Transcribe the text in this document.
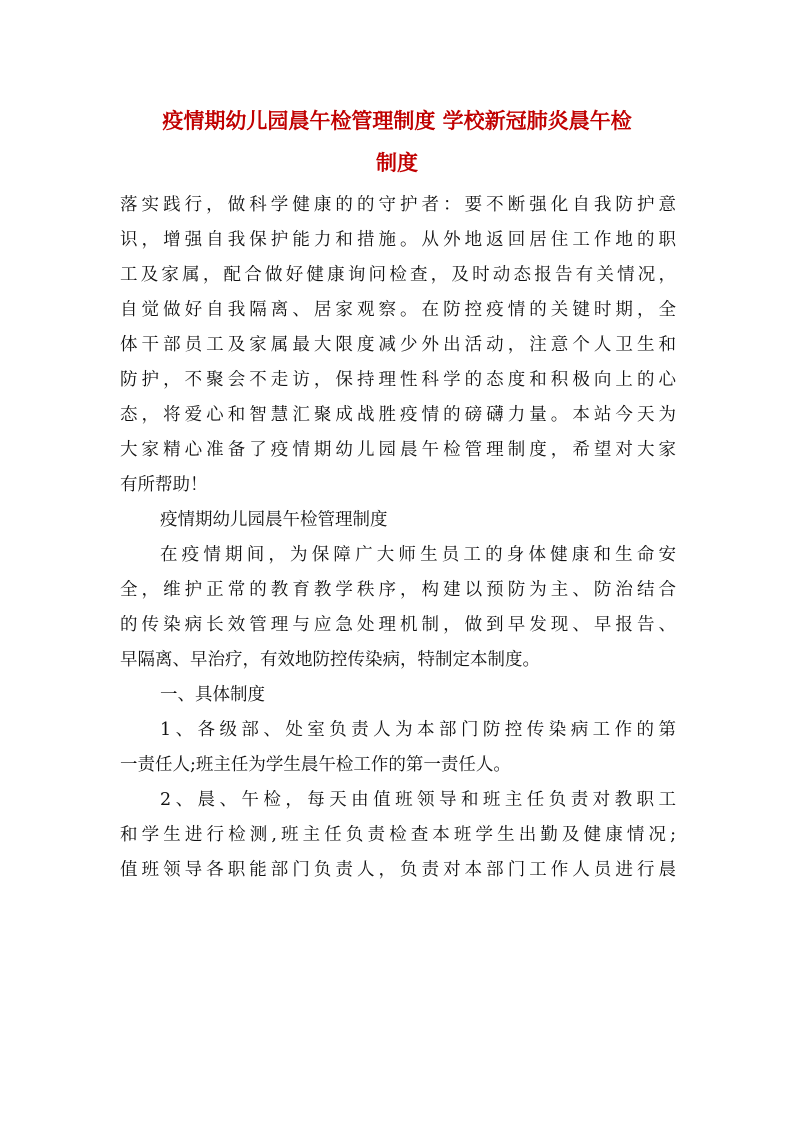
疫情期幼儿园晨午检管理制度 学校新冠肺炎晨午检
制度

落实践行，做科学健康的的守护者：要不断强化自我防护意

识，增强自我保护能力和措施。从外地返回居住工作地的职

工及家属，配合做好健康询问检查，及时动态报告有关情况，

自觉做好自我隔离、居家观察。在防控疫情的关键时期，全

体干部员工及家属最大限度减少外出活动，注意个人卫生和

防护，不聚会不走访，保持理性科学的态度和积极向上的心

态，将爱心和智慧汇聚成战胜疫情的磅礴力量。本站今天为

大家精心准备了疫情期幼儿园晨午检管理制度，希望对大家

有所帮助！

疫情期幼儿园晨午检管理制度

在疫情期间，为保障广大师生员工的身体健康和生命安

全，维护正常的教育教学秩序，构建以预防为主、防治结合

的传染病长效管理与应急处理机制，做到早发现、早报告、

早隔离、早治疗，有效地防控传染病，特制定本制度。

一、具体制度

1、各级部、处室负责人为本部门防控传染病工作的第

一责任人;班主任为学生晨午检工作的第一责任人。

2、晨、午检，每天由值班领导和班主任负责对教职工

和学生进行检测,班主任负责检查本班学生出勤及健康情况;

值班领导各职能部门负责人，负责对本部门工作人员进行晨
